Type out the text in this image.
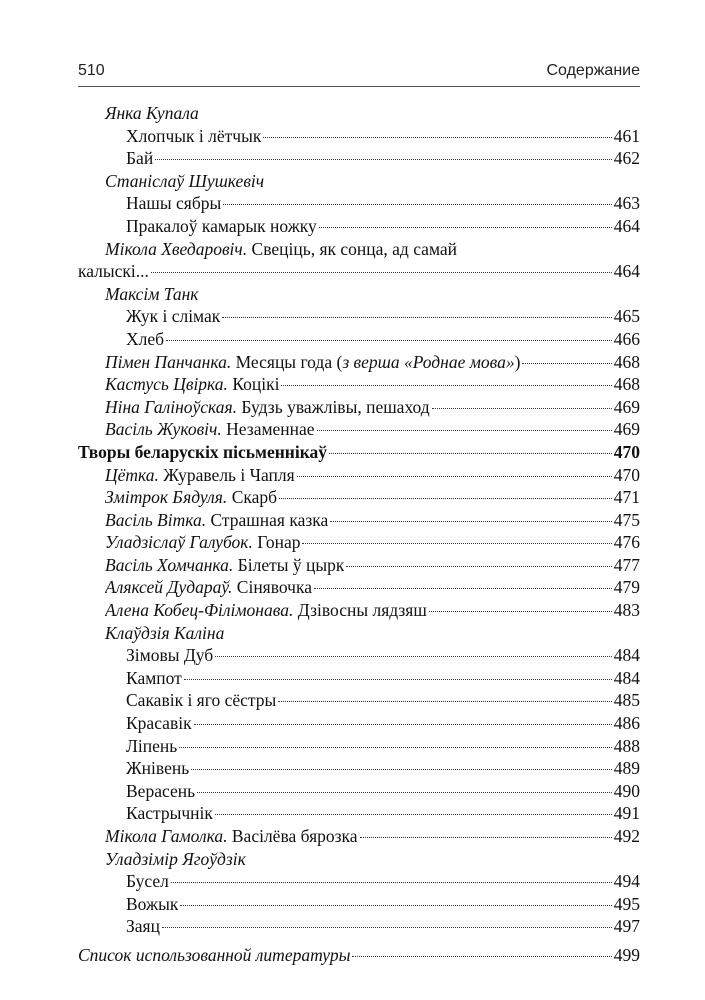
510	Содержание
Янка Купала
Хлопчык і лётчык	461
Бай	462
Станіслаў Шушкевіч
Нашы сябры	463
Пракалоў камарык ножку	464
Мікола Хведаровіч. Свеціць, як сонца, ад самай
калыскі...	464
Максім Танк
Жук і слімак	465
Хлеб	466
Пімен Панчанка. Месяцы года (з верша «Роднае мова»)	468
Кастусь Цвірка. Коцікі	468
Ніна Галіноўская. Будзь уважлівы, пешаход	469
Васіль Жуковіч. Незаменнае	469
Творы беларускіх пісьменнікаў	470
Цётка. Журавель і Чапля	470
Змітрок Бядуля. Скарб	471
Васіль Вітка. Страшная казка	475
Уладзіслаў Галубок. Гонар	476
Васіль Хомчанка. Білеты ў цырк	477
Аляксей Дудараў. Сінявочка	479
Алена Кобец-Філімонава. Дзівосны лядзяш	483
Клаўдзія Каліна
Зімовы Дуб	484
Кампот	484
Сакавік і яго сёстры	485
Красавік	486
Ліпень	488
Жнівень	489
Верасень	490
Кастрычнік	491
Мікола Гамолка. Васілёва бярозка	492
Уладзімір Ягоўдзік
Бусел	494
Вожык	495
Заяц	497
Список использованной литературы	499
